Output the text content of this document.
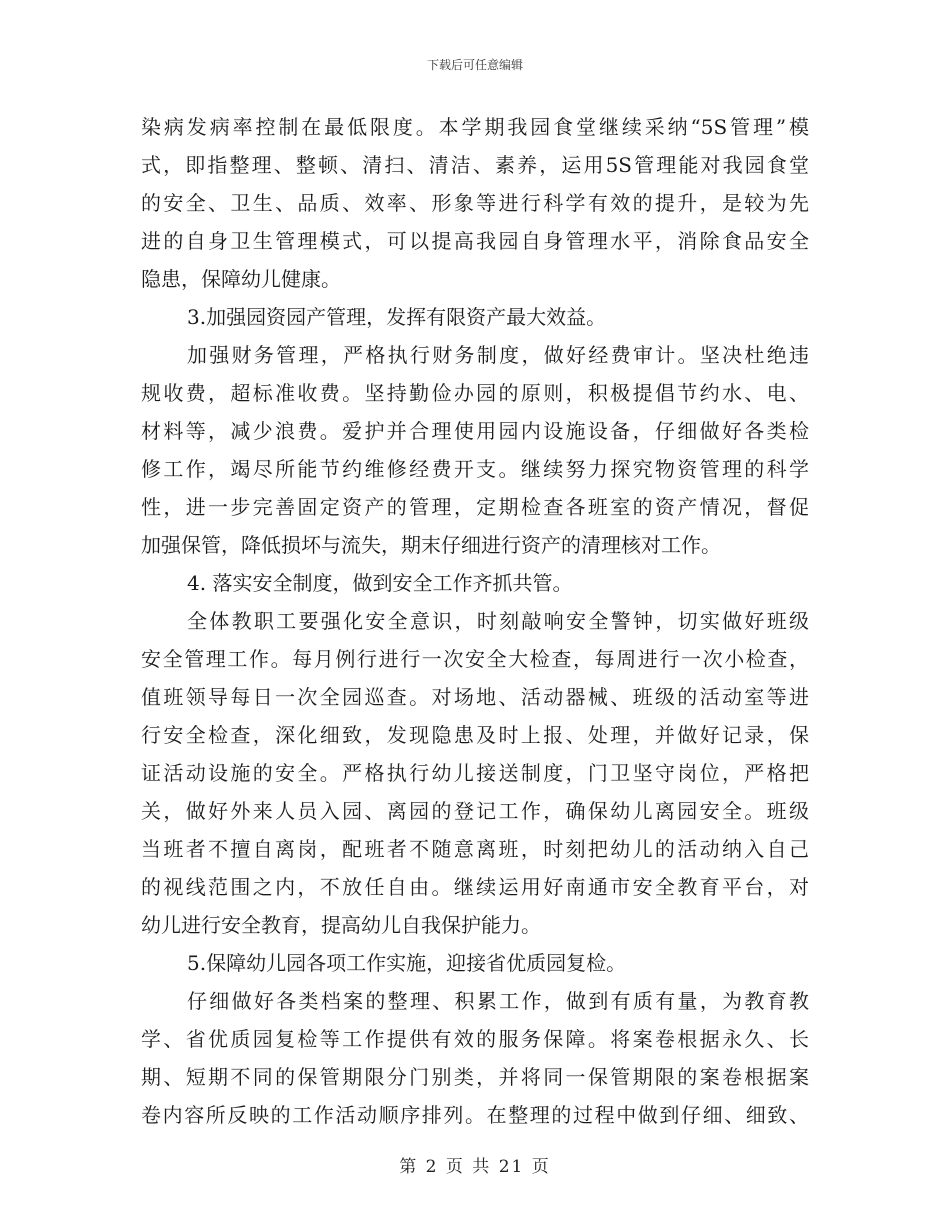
下载后可任意编辑
染病发病率控制在最低限度。本学期我园食堂继续采纳“5S管理”模
式，即指整理、整顿、清扫、清洁、素养，运用5S管理能对我园食堂
的安全、卫生、品质、效率、形象等进行科学有效的提升，是较为先
进的自身卫生管理模式，可以提高我园自身管理水平，消除食品安全
隐患，保障幼儿健康。
3.加强园资园产管理，发挥有限资产最大效益。
加强财务管理，严格执行财务制度，做好经费审计。坚决杜绝违
规收费，超标准收费。坚持勤俭办园的原则，积极提倡节约水、电、
材料等，减少浪费。爱护并合理使用园内设施设备，仔细做好各类检
修工作，竭尽所能节约维修经费开支。继续努力探究物资管理的科学
性，进一步完善固定资产的管理，定期检查各班室的资产情况，督促
加强保管，降低损坏与流失，期末仔细进行资产的清理核对工作。
4. 落实安全制度，做到安全工作齐抓共管。
全体教职工要强化安全意识，时刻敲响安全警钟，切实做好班级
安全管理工作。每月例行进行一次安全大检查，每周进行一次小检查，
值班领导每日一次全园巡查。对场地、活动器械、班级的活动室等进
行安全检查，深化细致，发现隐患及时上报、处理，并做好记录，保
证活动设施的安全。严格执行幼儿接送制度，门卫坚守岗位，严格把
关，做好外来人员入园、离园的登记工作，确保幼儿离园安全。班级
当班者不擅自离岗，配班者不随意离班，时刻把幼儿的活动纳入自己
的视线范围之内，不放任自由。继续运用好南通市安全教育平台，对
幼儿进行安全教育，提高幼儿自我保护能力。
5.保障幼儿园各项工作实施，迎接省优质园复检。
仔细做好各类档案的整理、积累工作，做到有质有量，为教育教
学、省优质园复检等工作提供有效的服务保障。将案卷根据永久、长
期、短期不同的保管期限分门别类，并将同一保管期限的案卷根据案
卷内容所反映的工作活动顺序排列。在整理的过程中做到仔细、细致、
第 2 页 共 21 页
